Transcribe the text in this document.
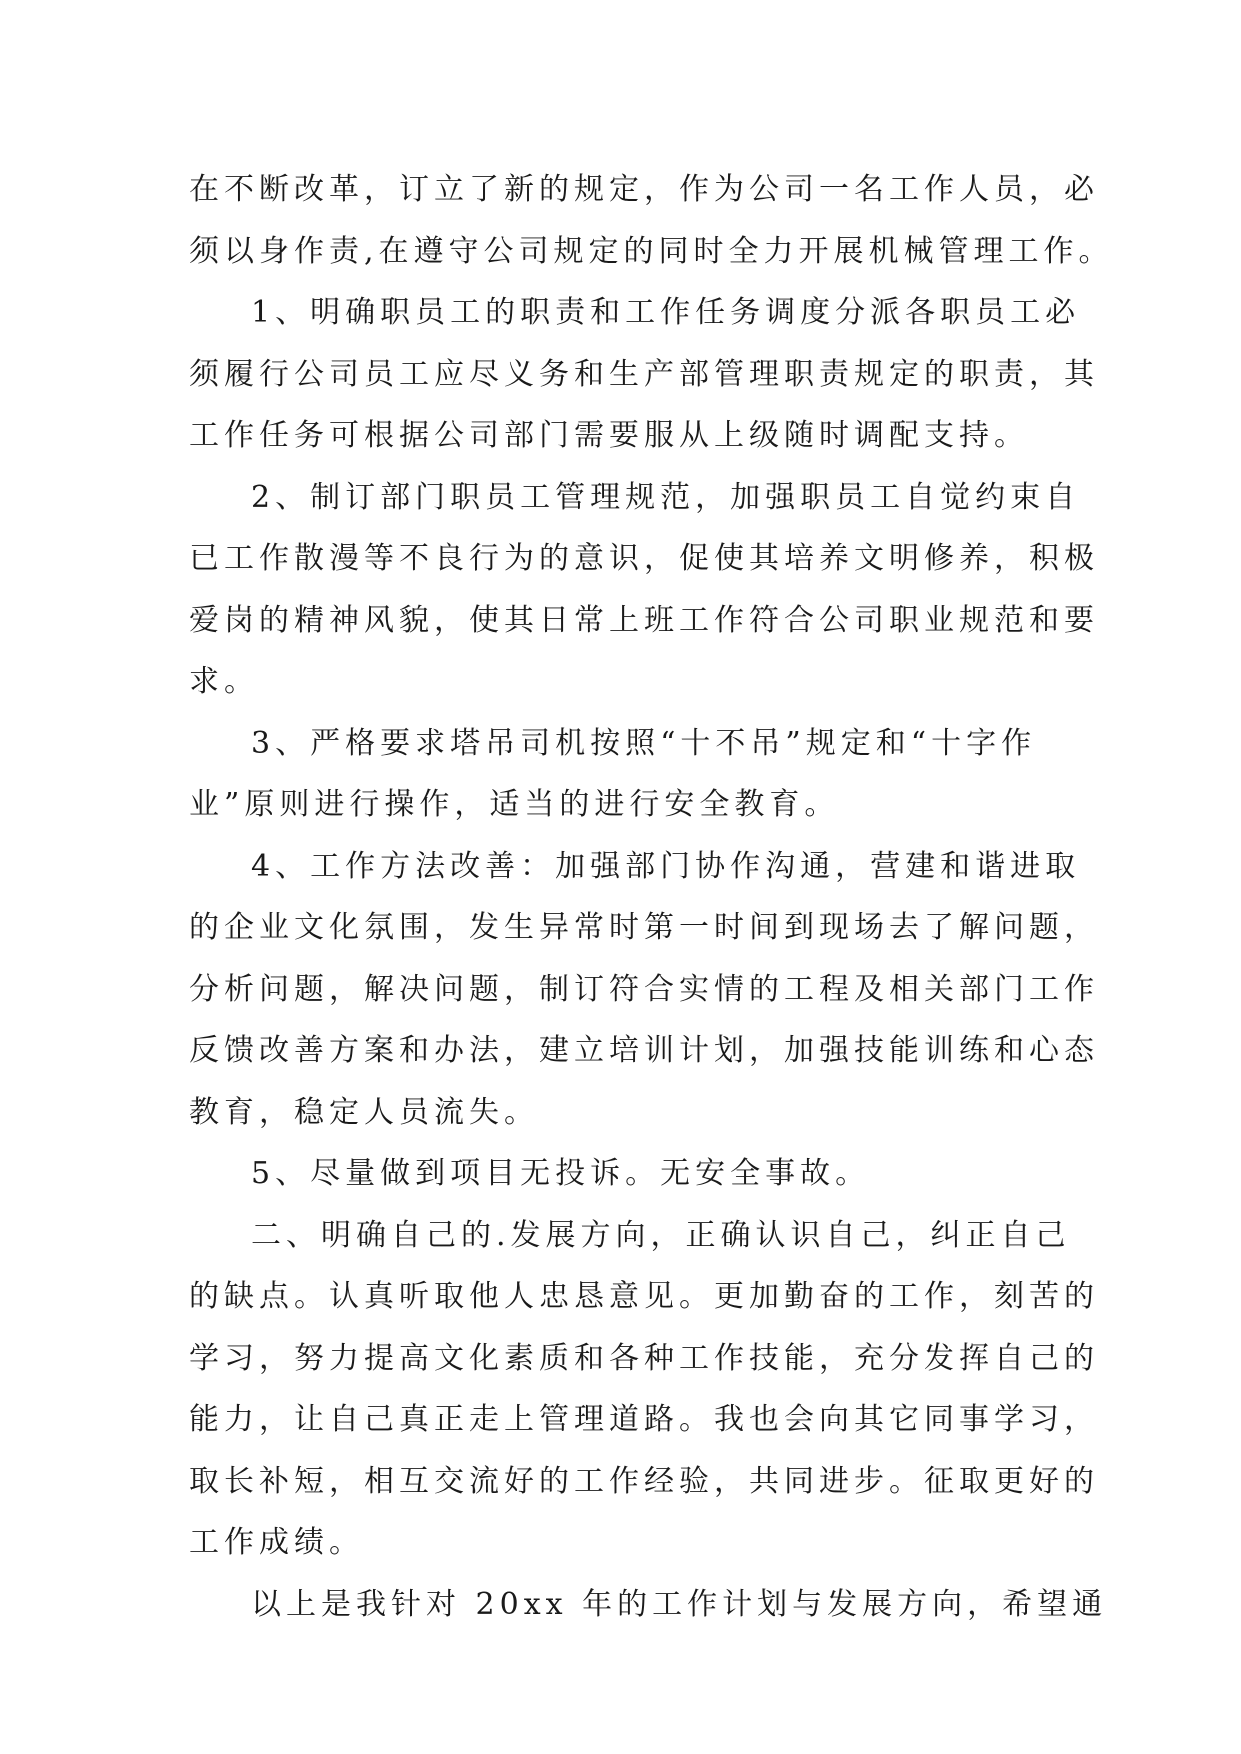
在不断改革，订立了新的规定，作为公司一名工作人员，必
须以身作责,在遵守公司规定的同时全力开展机械管理工作。
1、明确职员工的职责和工作任务调度分派各职员工必
须履行公司员工应尽义务和生产部管理职责规定的职责，其
工作任务可根据公司部门需要服从上级随时调配支持。
2、制订部门职员工管理规范，加强职员工自觉约束自
已工作散漫等不良行为的意识，促使其培养文明修养，积极
爱岗的精神风貌，使其日常上班工作符合公司职业规范和要
求。
3、严格要求塔吊司机按照“十不吊”规定和“十字作
业”原则进行操作，适当的进行安全教育。
4、工作方法改善：加强部门协作沟通，营建和谐进取
的企业文化氛围，发生异常时第一时间到现场去了解问题，
分析问题，解决问题，制订符合实情的工程及相关部门工作
反馈改善方案和办法，建立培训计划，加强技能训练和心态
教育，稳定人员流失。
5、尽量做到项目无投诉。无安全事故。
二、明确自己的.发展方向，正确认识自己，纠正自己
的缺点。认真听取他人忠恳意见。更加勤奋的工作，刻苦的
学习，努力提高文化素质和各种工作技能，充分发挥自己的
能力，让自己真正走上管理道路。我也会向其它同事学习，
取长补短，相互交流好的工作经验，共同进步。征取更好的
工作成绩。
以上是我针对 20xx 年的工作计划与发展方向，希望通
